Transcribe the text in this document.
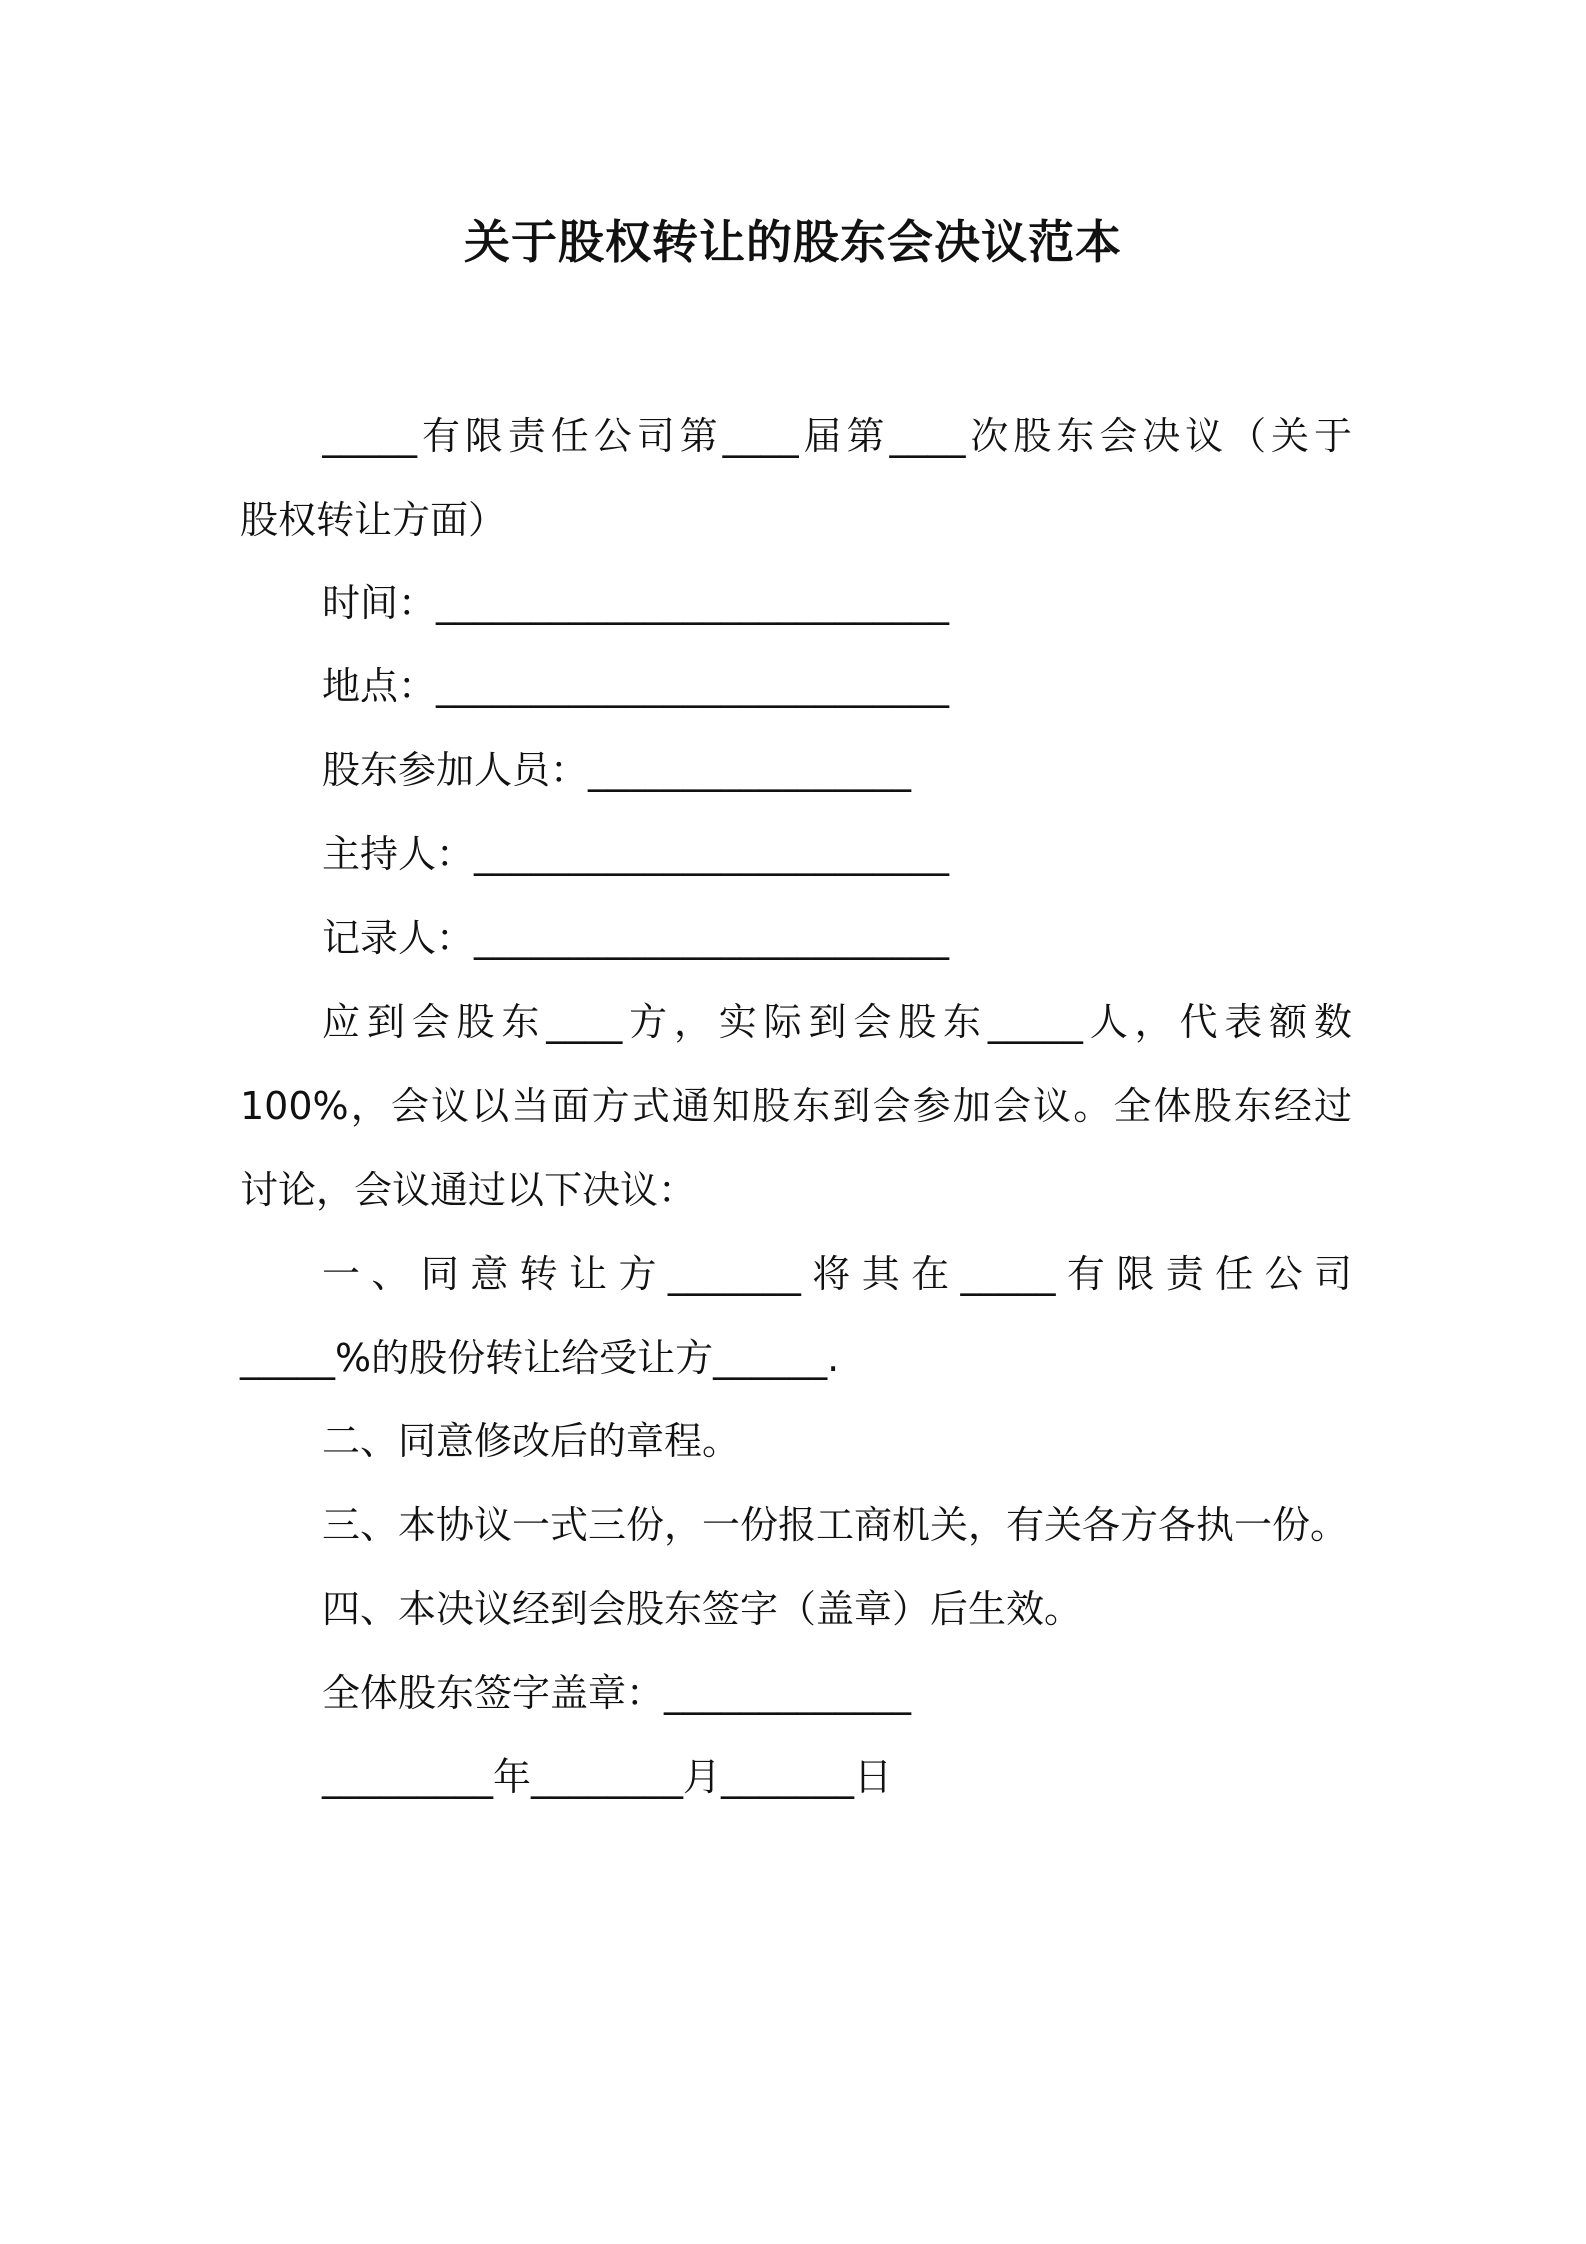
关于股权转让的股东会决议范本
_____有限责任公司第____届第____次股东会决议（关于
股权转让方面）
时间：___________________________
地点：___________________________
股东参加人员：_________________
主持人：_________________________
记录人：_________________________
应到会股东____方，实际到会股东_____人，代表额数
100%，会议以当面方式通知股东到会参加会议。全体股东经过
讨论，会议通过以下决议：
一、同意转让方_______将其在_____有限责任公司
_____%的股份转让给受让方______.
二、同意修改后的章程。
三、本协议一式三份，一份报工商机关，有关各方各执一份。
四、本决议经到会股东签字（盖章）后生效。
全体股东签字盖章：_____________
_________年________月_______日
